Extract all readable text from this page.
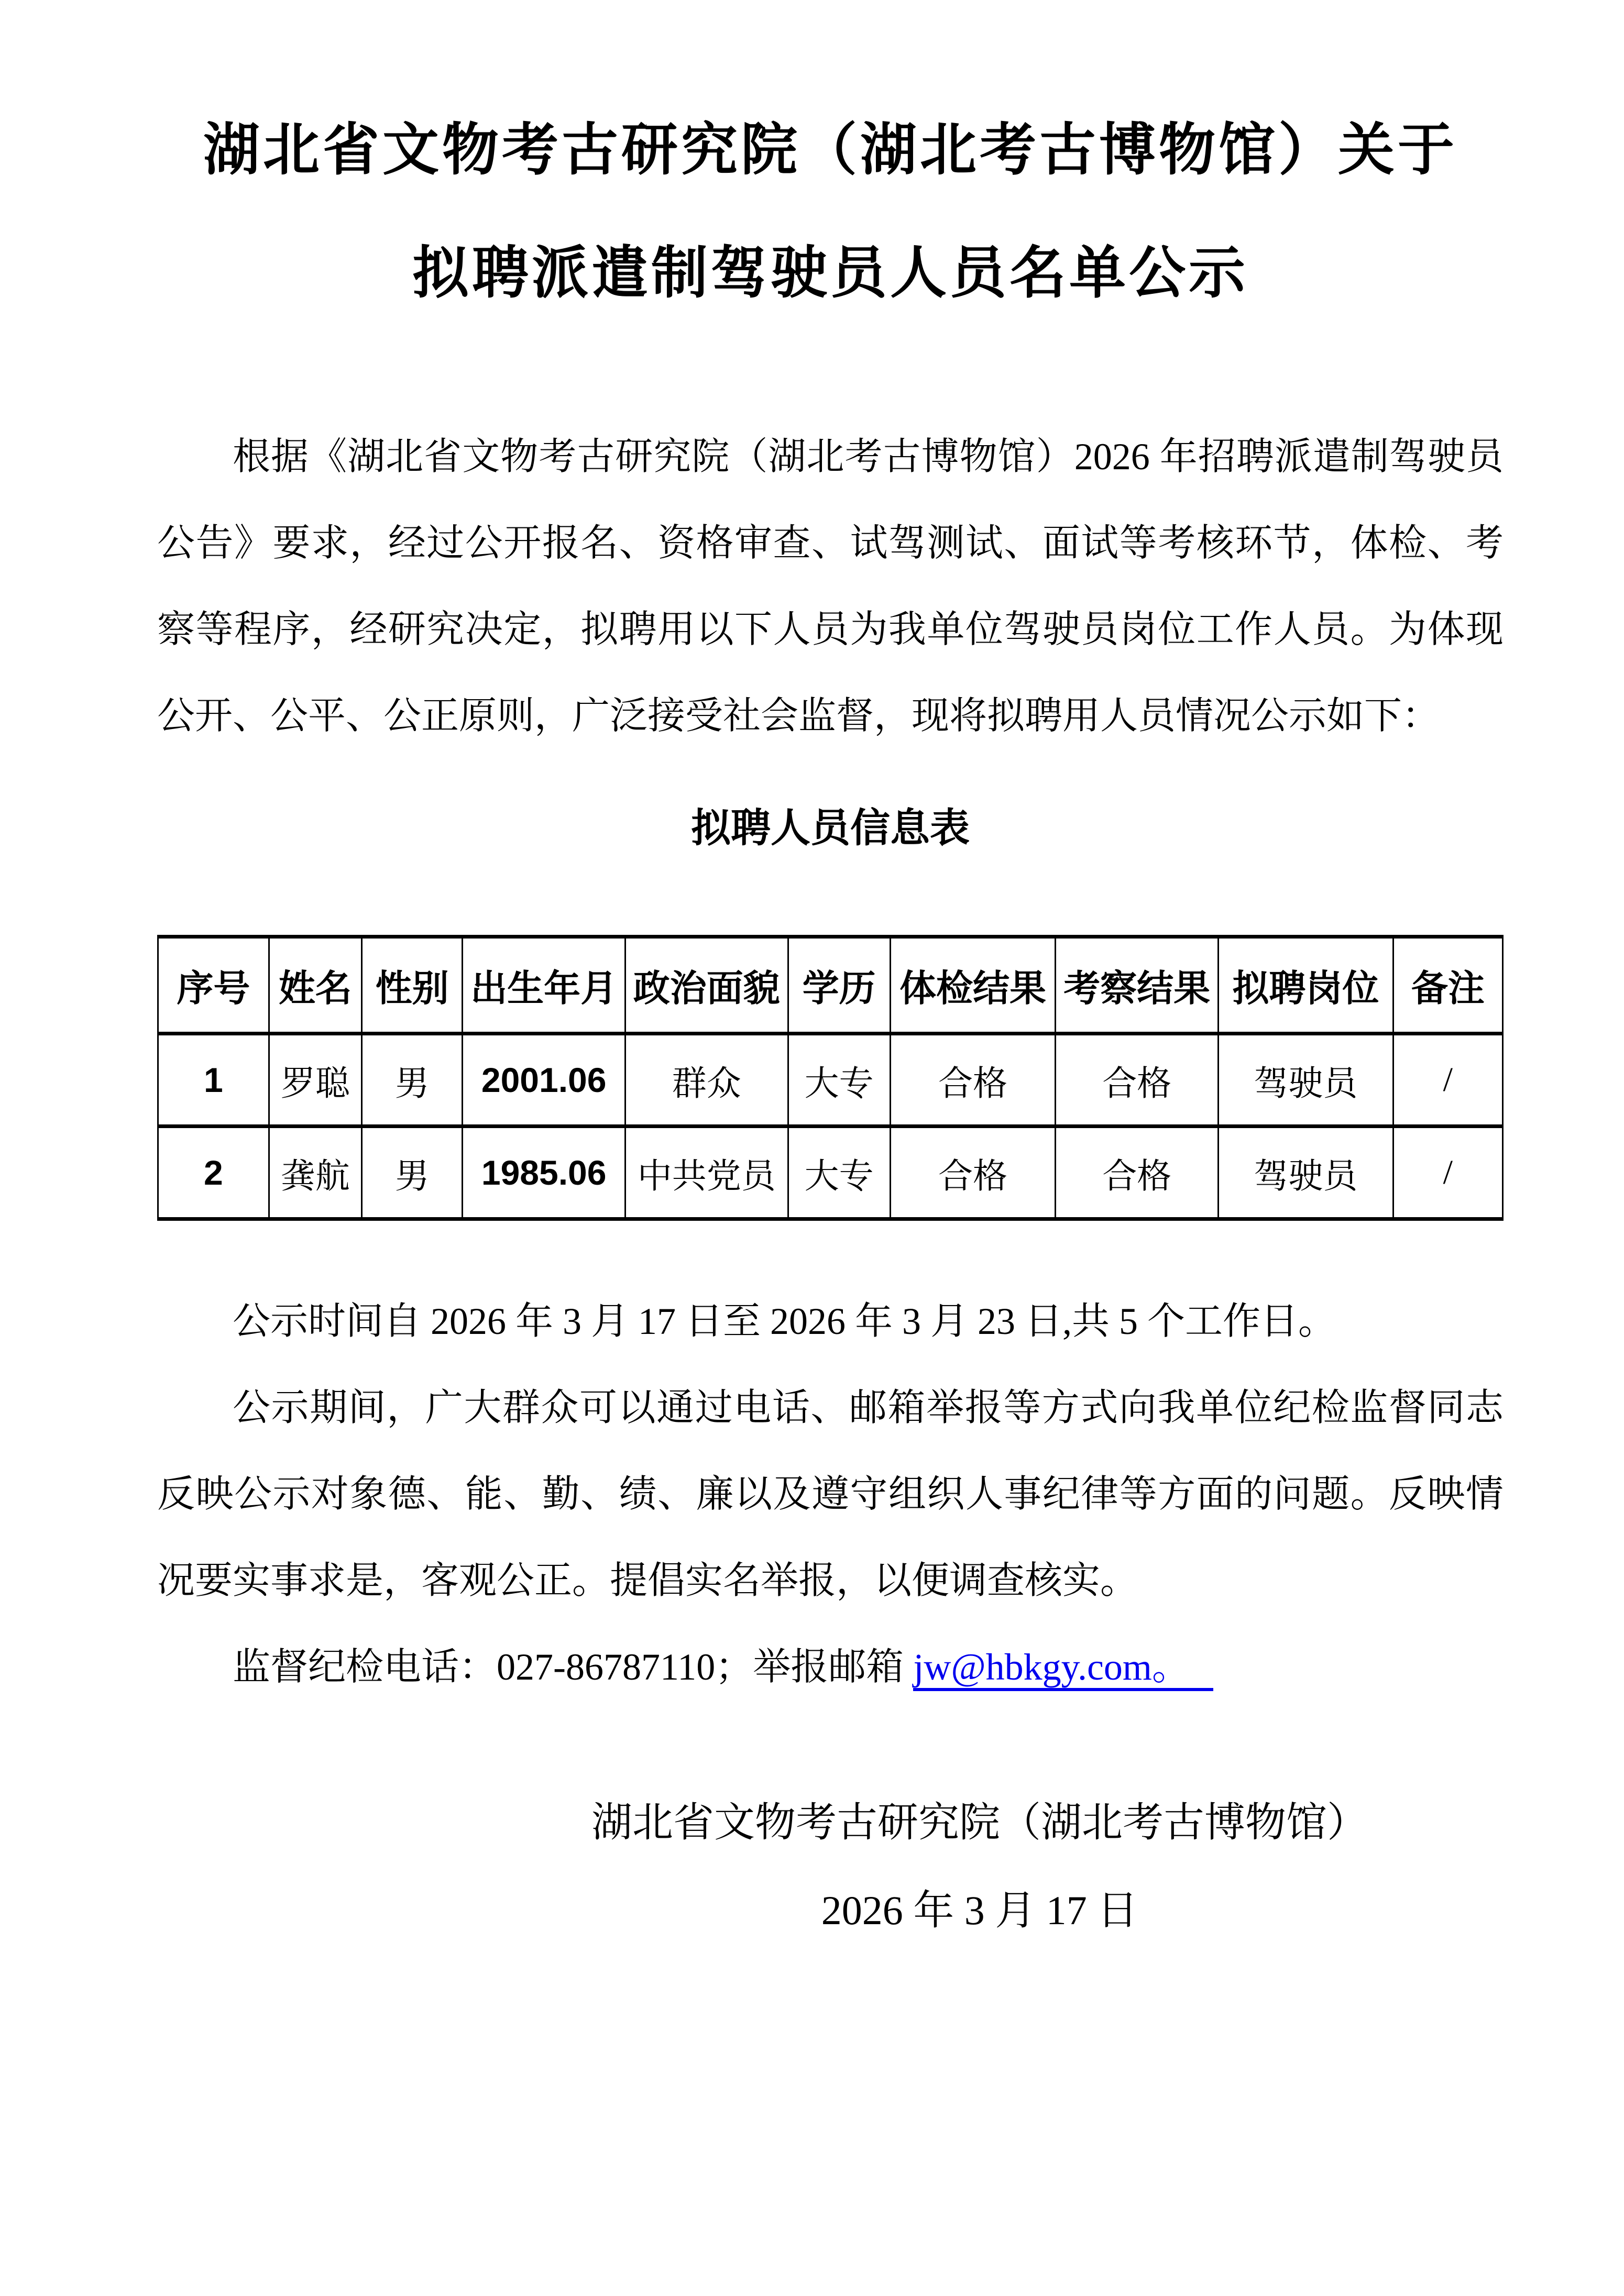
湖北省文物考古研究院（湖北考古博物馆）关于
拟聘派遣制驾驶员人员名单公示

根据《湖北省文物考古研究院（湖北考古博物馆）2026 年招聘派遣制驾驶员公告》要求，经过公开报名、资格审查、试驾测试、面试等考核环节，体检、考察等程序，经研究决定，拟聘用以下人员为我单位驾驶员岗位工作人员。为体现公开、公平、公正原则，广泛接受社会监督，现将拟聘用人员情况公示如下：

拟聘人员信息表
序号	姓名	性别	出生年月	政治面貌	学历	体检结果	考察结果	拟聘岗位	备注
1	罗聪	男	2001.06	群众	大专	合格	合格	驾驶员	/
2	龚航	男	1985.06	中共党员	大专	合格	合格	驾驶员	/

公示时间自 2026 年 3 月 17 日至 2026 年 3 月 23 日,共 5 个工作日。

公示期间，广大群众可以通过电话、邮箱举报等方式向我单位纪检监督同志反映公示对象德、能、勤、绩、廉以及遵守组织人事纪律等方面的问题。反映情况要实事求是，客观公正。提倡实名举报，以便调查核实。

监督纪检电话：027-86787110；举报邮箱 jw@hbkgy.com。

湖北省文物考古研究院（湖北考古博物馆）
2026 年 3 月 17 日
